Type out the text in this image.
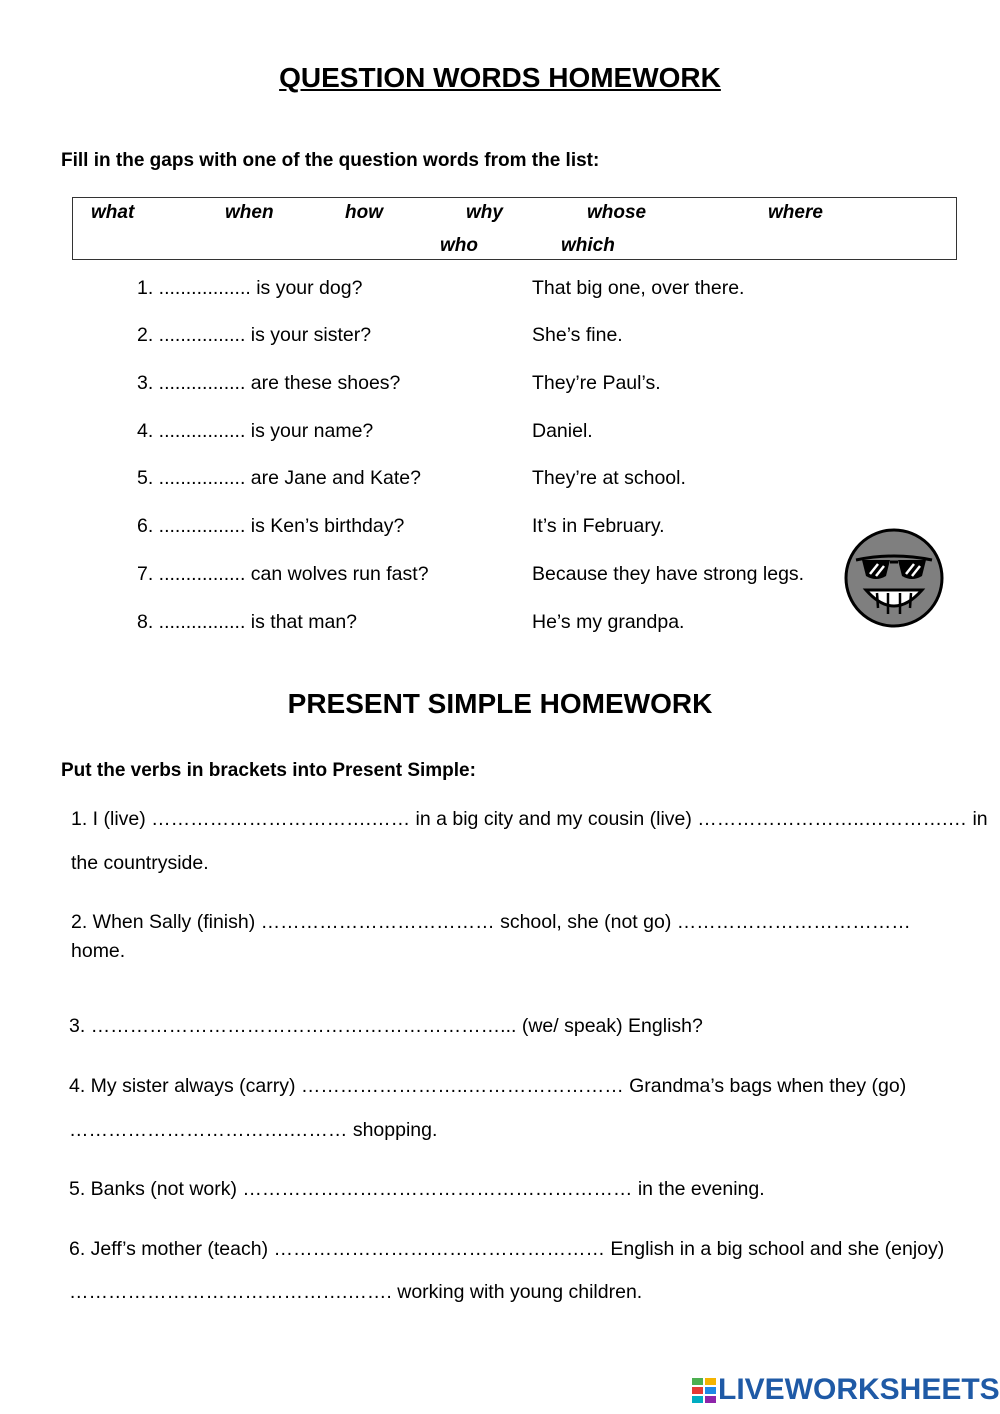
QUESTION WORDS HOMEWORK
Fill in the gaps with one of the question words from the list:
what	when	how	why	whose	where
who	which
1. ................. is your dog?	That big one, over there.
2. ................ is your sister?	She’s fine.
3. ................ are these shoes?	They’re Paul’s.
4. ................ is your name?	Daniel.
5. ................ are Jane and Kate?	They’re at school.
6. ................ is Ken’s birthday?	It’s in February.
7. ................ can wolves run fast?	Because they have strong legs.
8. ................ is that man?	He’s my grandpa.
PRESENT SIMPLE HOMEWORK
Put the verbs in brackets into Present Simple:
1. I (live) …………………………….…… in a big city and my cousin (live) ……………………..………….… in
the countryside.
2. When Sally (finish) ……………………………… school, she (not go) ………………………………
home.
3. ………………………………………………………... (we/ speak) English?
4. My sister always (carry) ……………………..…………………… Grandma’s bags when they (go)
…………………………….……… shopping.
5. Banks (not work) …………………………………………………… in the evening.
6. Jeff’s mother (teach) …………………………………………… English in a big school and she (enjoy)
…………………………………….……. working with young children.
LIVEWORKSHEETS
